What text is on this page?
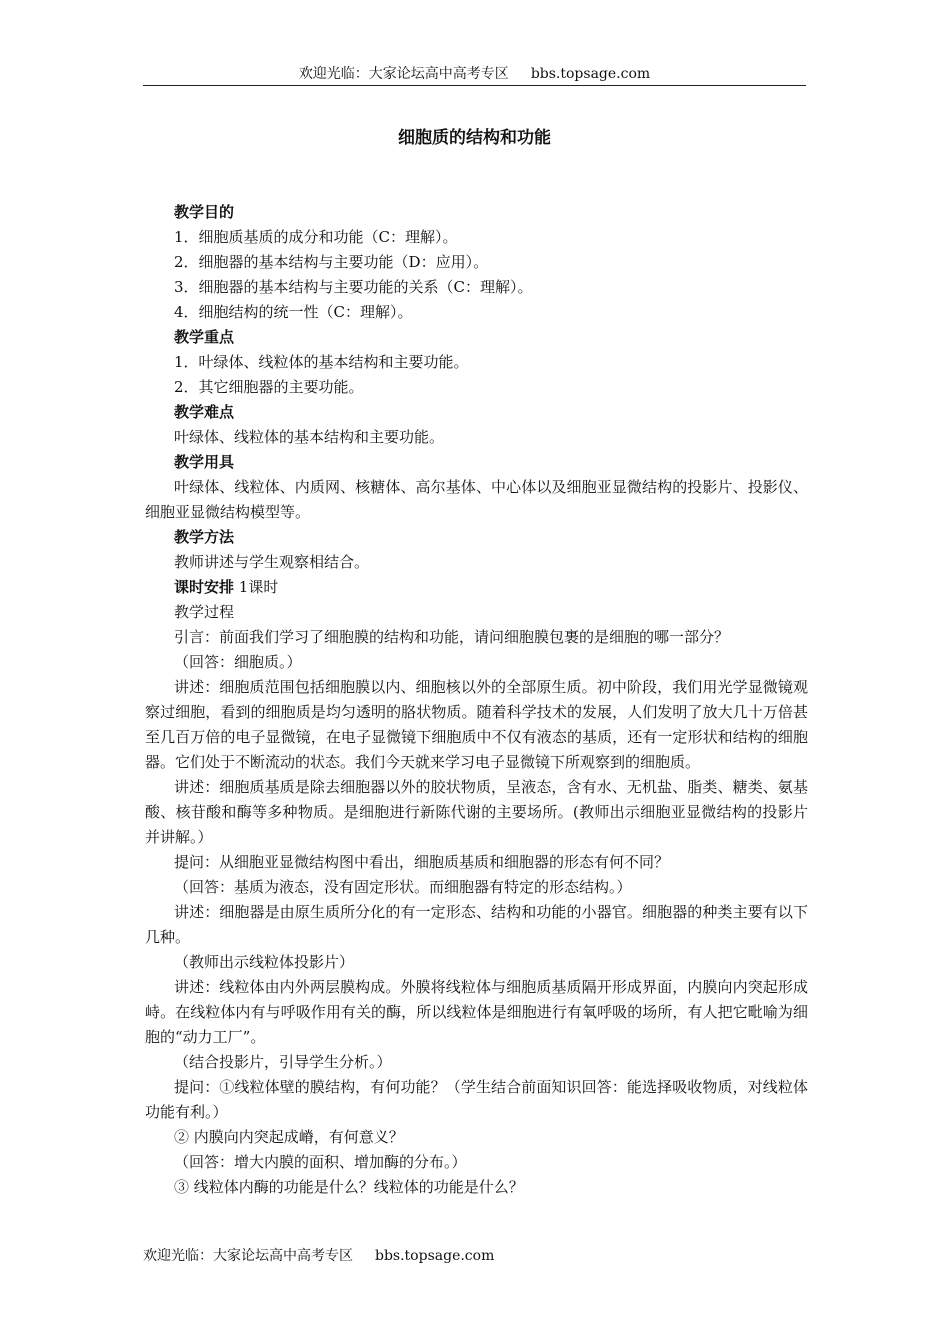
欢迎光临：大家论坛高中高考专区 bbs.topsage.com
细胞质的结构和功能

教学目的

1．细胞质基质的成分和功能（C：理解）。

2．细胞器的基本结构与主要功能（D：应用）。

3．细胞器的基本结构与主要功能的关系（C：理解）。

4．细胞结构的统一性（C：理解）。

教学重点

1．叶绿体、线粒体的基本结构和主要功能。

2．其它细胞器的主要功能。

教学难点

叶绿体、线粒体的基本结构和主要功能。

教学用具

叶绿体、线粒体、内质网、核糖体、高尔基体、中心体以及细胞亚显微结构的投影片、投影仪、细胞亚显微结构模型等。

教学方法

教师讲述与学生观察相结合。

课时安排 1课时

教学过程

引言：前面我们学习了细胞膜的结构和功能，请问细胞膜包裹的是细胞的哪一部分？

（回答：细胞质。）

讲述：细胞质范围包括细胞膜以内、细胞核以外的全部原生质。初中阶段，我们用光学显微镜观察过细胞，看到的细胞质是均匀透明的胳状物质。随着科学技术的发展，人们发明了放大几十万倍甚至几百万倍的电子显微镜，在电子显微镜下细胞质中不仅有液态的基质，还有一定形状和结构的细胞器。它们处于不断流动的状态。我们今天就来学习电子显微镜下所观察到的细胞质。

讲述：细胞质基质是除去细胞器以外的胶状物质，呈液态，含有水、无机盐、脂类、糖类、氨基酸、核苷酸和酶等多种物质。是细胞进行新陈代谢的主要场所。(教师出示细胞亚显微结构的投影片并讲解。）

提问：从细胞亚显微结构图中看出，细胞质基质和细胞器的形态有何不同？

（回答：基质为液态，没有固定形状。而细胞器有特定的形态结构。）

讲述：细胞器是由原生质所分化的有一定形态、结构和功能的小器官。细胞器的种类主要有以下几种。

（教师出示线粒体投影片）

讲述：线粒体由内外两层膜构成。外膜将线粒体与细胞质基质隔开形成界面，内膜向内突起形成峙。在线粒体内有与呼吸作用有关的酶，所以线粒体是细胞进行有氧呼吸的场所，有人把它毗喻为细胞的“动力工厂”。

（结合投影片，引导学生分析。）

提问：①线粒体壁的膜结构，有何功能？（学生结合前面知识回答：能选择吸收物质，对线粒体功能有利。）

② 内膜向内突起成嵴，有何意义？

（回答：增大内膜的面积、增加酶的分布。）

③ 线粒体内酶的功能是什么？线粒体的功能是什么？

欢迎光临：大家论坛高中高考专区 bbs.topsage.com
